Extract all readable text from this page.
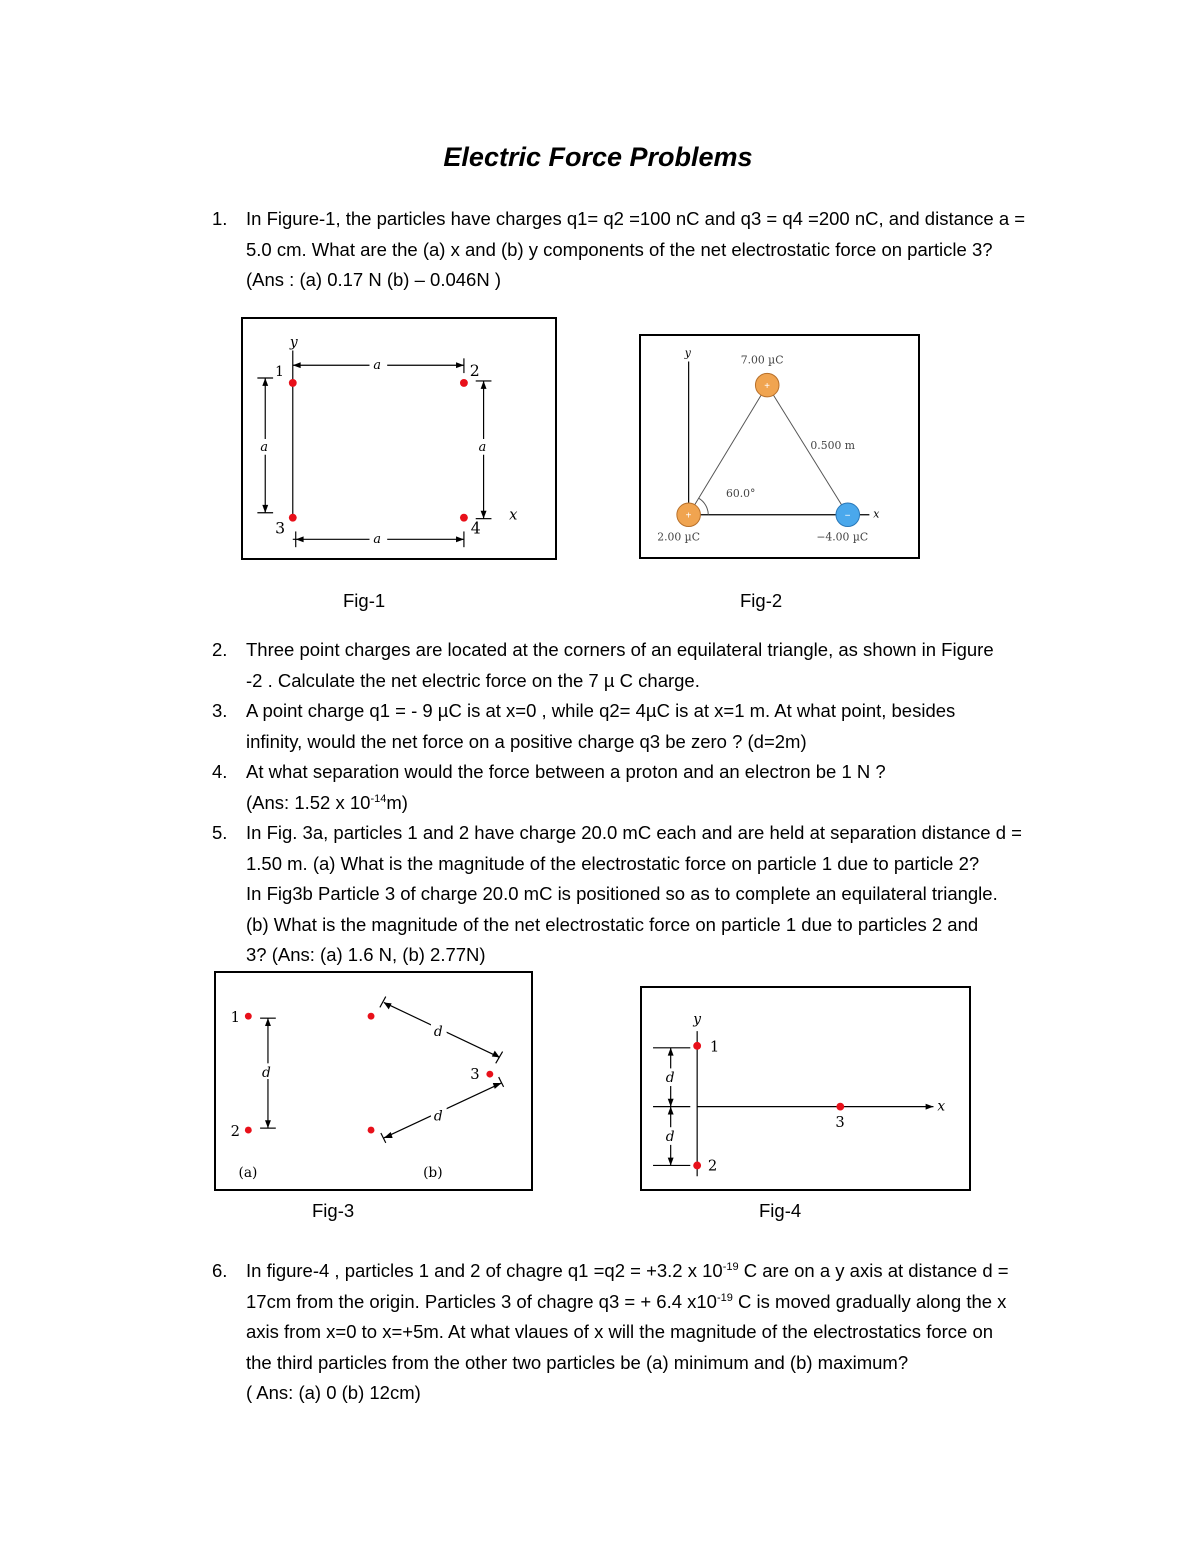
Electric Force Problems
1. In Figure-1, the particles have charges q1= q2 =100 nC and q3 = q4 =200 nC, and distance a =
5.0 cm. What are the (a) x and (b) y components of the net electrostatic force on particle 3?
(Ans : (a) 0.17 N (b) – 0.046N )
y
x
a
a
a	a
1	2
3	4
+
+	−
y
x
7.00 µC
2.00 µC	−4.00 µC
0.500 m
60.0°
Fig-1	Fig-2
2. Three point charges are located at the corners of an equilateral triangle, as shown in Figure
-2 . Calculate the net electric force on the 7 µ C charge.
3. A point charge q1 = - 9 µC is at x=0 , while q2= 4µC is at x=1 m. At what point, besides
infinity, would the net force on a positive charge q3 be zero ? (d=2m)
4. At what separation would the force between a proton and an electron be 1 N ?
(Ans: 1.52 x $10^{-14}m$)
5. In Fig. 3a, particles 1 and 2 have charge 20.0 mC each and are held at separation distance d =
1.50 m. (a) What is the magnitude of the electrostatic force on particle 1 due to particle 2?
In Fig3b Particle 3 of charge 20.0 mC is positioned so as to complete an equilateral triangle.
(b) What is the magnitude of the net electrostatic force on particle 1 due to particles 2 and
3? (Ans: (a) 1.6 N, (b) 2.77N)
d
d
d
1
2
3
(a)	(b)
y
x
d
d
1
2
3
Fig-3	Fig-4
6. In figure-4 , particles 1 and 2 of chagre q1 =q2 = +3.2 x $10^{-19}$ C are on a y axis at distance d =
17cm from the origin. Particles 3 of chagre q3 = + 6.4 $x10^{-19}$ C is moved gradually along the x
axis from x=0 to x=+5m. At what vlaues of x will the magnitude of the electrostatics force on
the third particles from the other two particles be (a) minimum and (b) maximum?
( Ans: (a) 0 (b) 12cm)
